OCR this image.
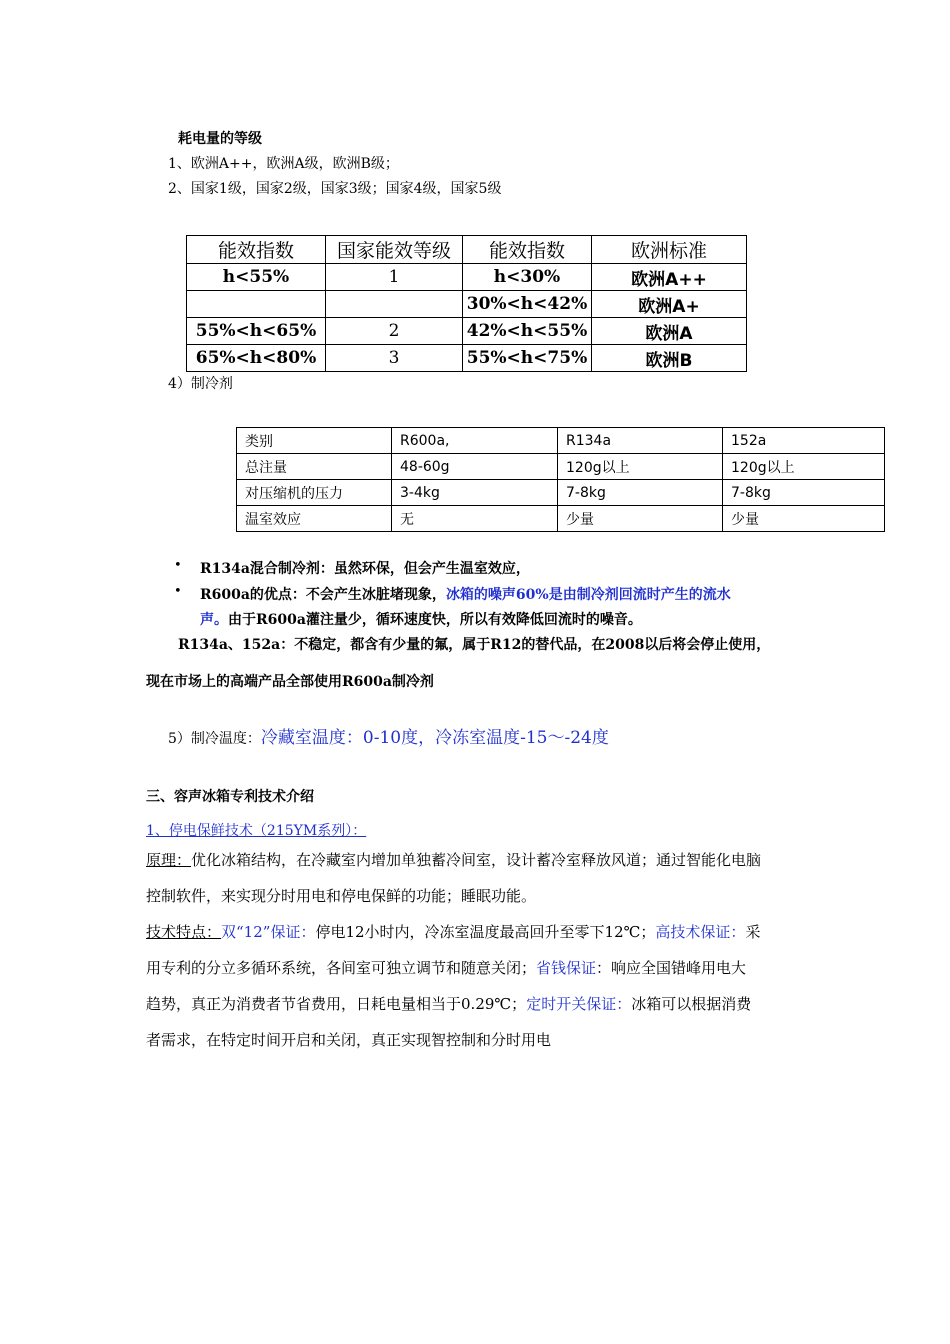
耗电量的等级
1、欧洲A++，欧洲A级，欧洲B级；
2、国家1级，国家2级，国家3级；国家4级，国家5级
能效指数	国家能效等级	能效指数	欧洲标准
h<55%	1	h<30%	欧洲A++
		30%<h<42%	欧洲A+
55%<h<65%	2	42%<h<55%	欧洲A
65%<h<80%	3	55%<h<75%	欧洲B
4）制冷剂
类别	R600a,	R134a	152a
总注量	48-60g	120g以上	120g以上
对压缩机的压力	3-4kg	7-8kg	7-8kg
温室效应	无	少量	少量
• R134a混合制冷剂：虽然环保，但会产生温室效应，
• R600a的优点：不会产生冰脏堵现象，冰箱的噪声60%是由制冷剂回流时产生的流水
声。由于R600a灌注量少，循环速度快，所以有效降低回流时的噪音。
R134a、152a：不稳定，都含有少量的氟，属于R12的替代品，在2008以后将会停止使用，
现在市场上的高端产品全部使用R600a制冷剂
5）制冷温度：冷藏室温度：0-10度，冷冻室温度-15～-24度
三、容声冰箱专利技术介绍
1、停电保鲜技术（215YM系列）：
原理：优化冰箱结构，在冷藏室内增加单独蓄冷间室，设计蓄冷室释放风道；通过智能化电脑
控制软件，来实现分时用电和停电保鲜的功能；睡眠功能。
技术特点：双“12”保证：停电12小时内，冷冻室温度最高回升至零下12℃；高技术保证：采
用专利的分立多循环系统，各间室可独立调节和随意关闭；省钱保证：响应全国错峰用电大
趋势，真正为消费者节省费用，日耗电量相当于0.29℃；定时开关保证：冰箱可以根据消费
者需求，在特定时间开启和关闭，真正实现智控制和分时用电
